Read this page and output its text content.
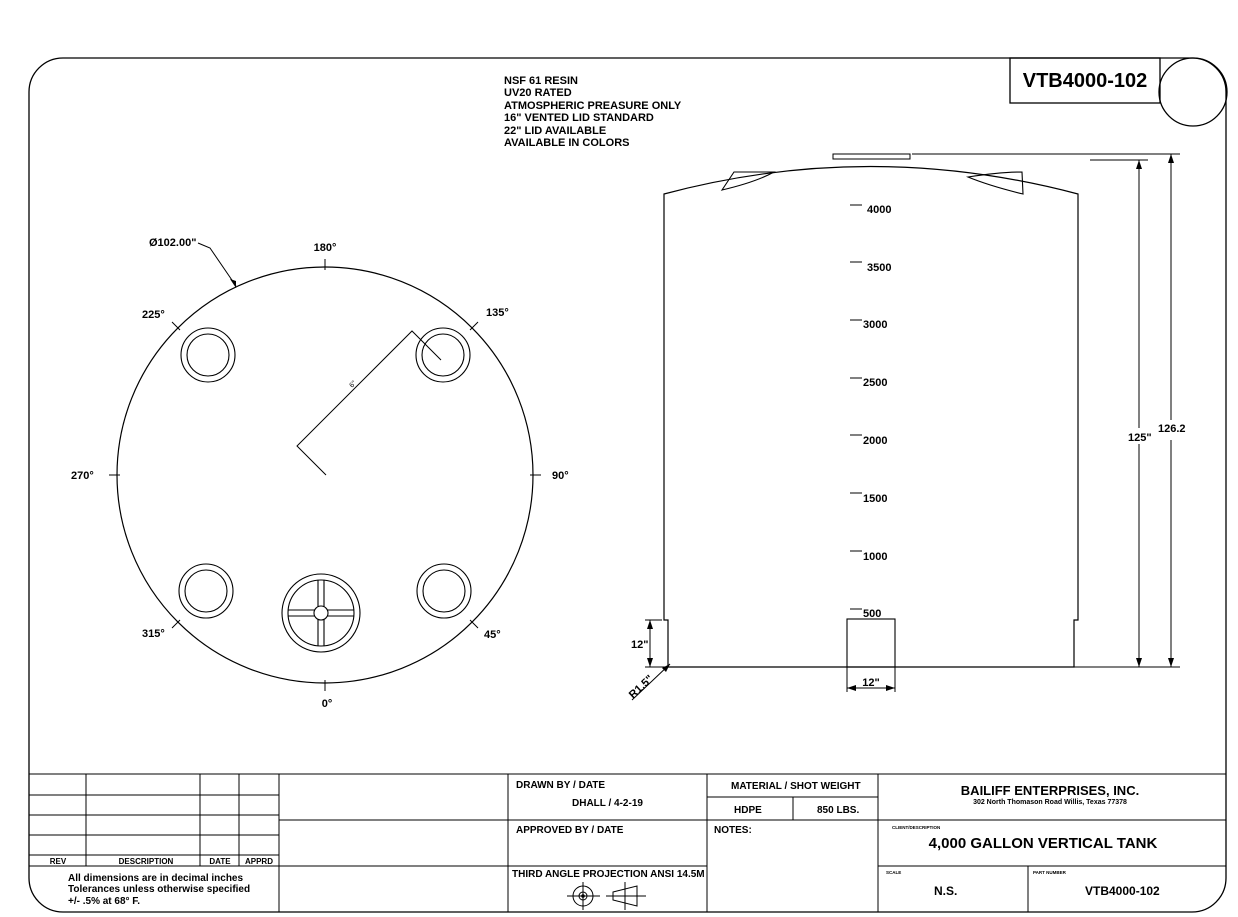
VTB4000-102
NSF 61 RESIN
UV20 RATED
ATMOSPHERIC PREASURE ONLY
16" VENTED LID STANDARD
22" LID AVAILABLE
AVAILABLE IN COLORS
180°
135°
225°
270°	90°
315°	45°
0°
Ø102.00"
6"
4000
3500
3000
2500
2000
1500
1000
500
126.2
125"
12"
12"
R1.5"
REV	DESCRIPTION	DATE APPRD
All dimensions are in decimal inches
Tolerances unless otherwise specified
+/- .5% at 68° F.
DRAWN BY / DATE
DHALL / 4-2-19
APPROVED BY / DATE
THIRD ANGLE PROJECTION ANSI 14.5M
MATERIAL / SHOT WEIGHT
HDPE	850 LBS.
NOTES:
N.S.	VTB4000-102
BAILIFF ENTERPRISES, INC.
302 North Thomason Road Willis, Texas 77378
CLIENT/DESCRIPTION
4,000 GALLON VERTICAL TANK
SCALE	PART NUMBER
